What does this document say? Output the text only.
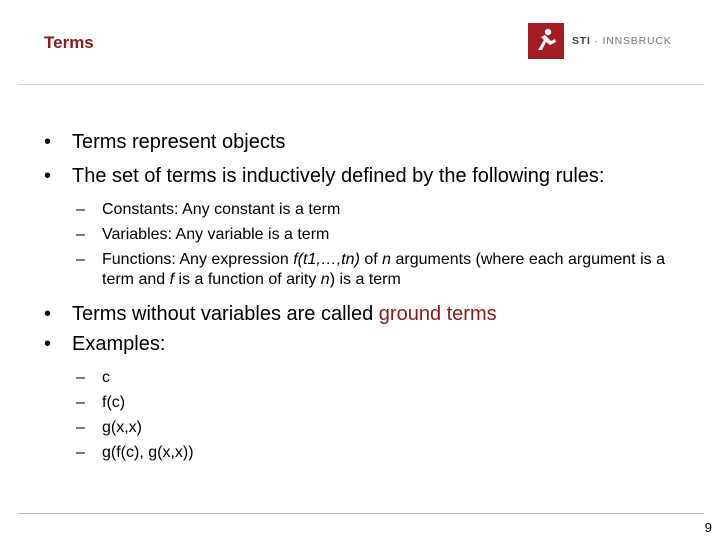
Terms	STI · INNSBRUCK
• Terms represent objects
• The set of terms is inductively defined by the following rules:
– Constants: Any constant is a term
– Variables: Any variable is a term
– Functions: Any expression f(t1,…,tn) of n arguments (where each argument is a term and f is a function of arity n) is a term
• Terms without variables are called ground terms
• Examples:
– c
– f(c)
– g(x,x)
– g(f(c), g(x,x))
9
